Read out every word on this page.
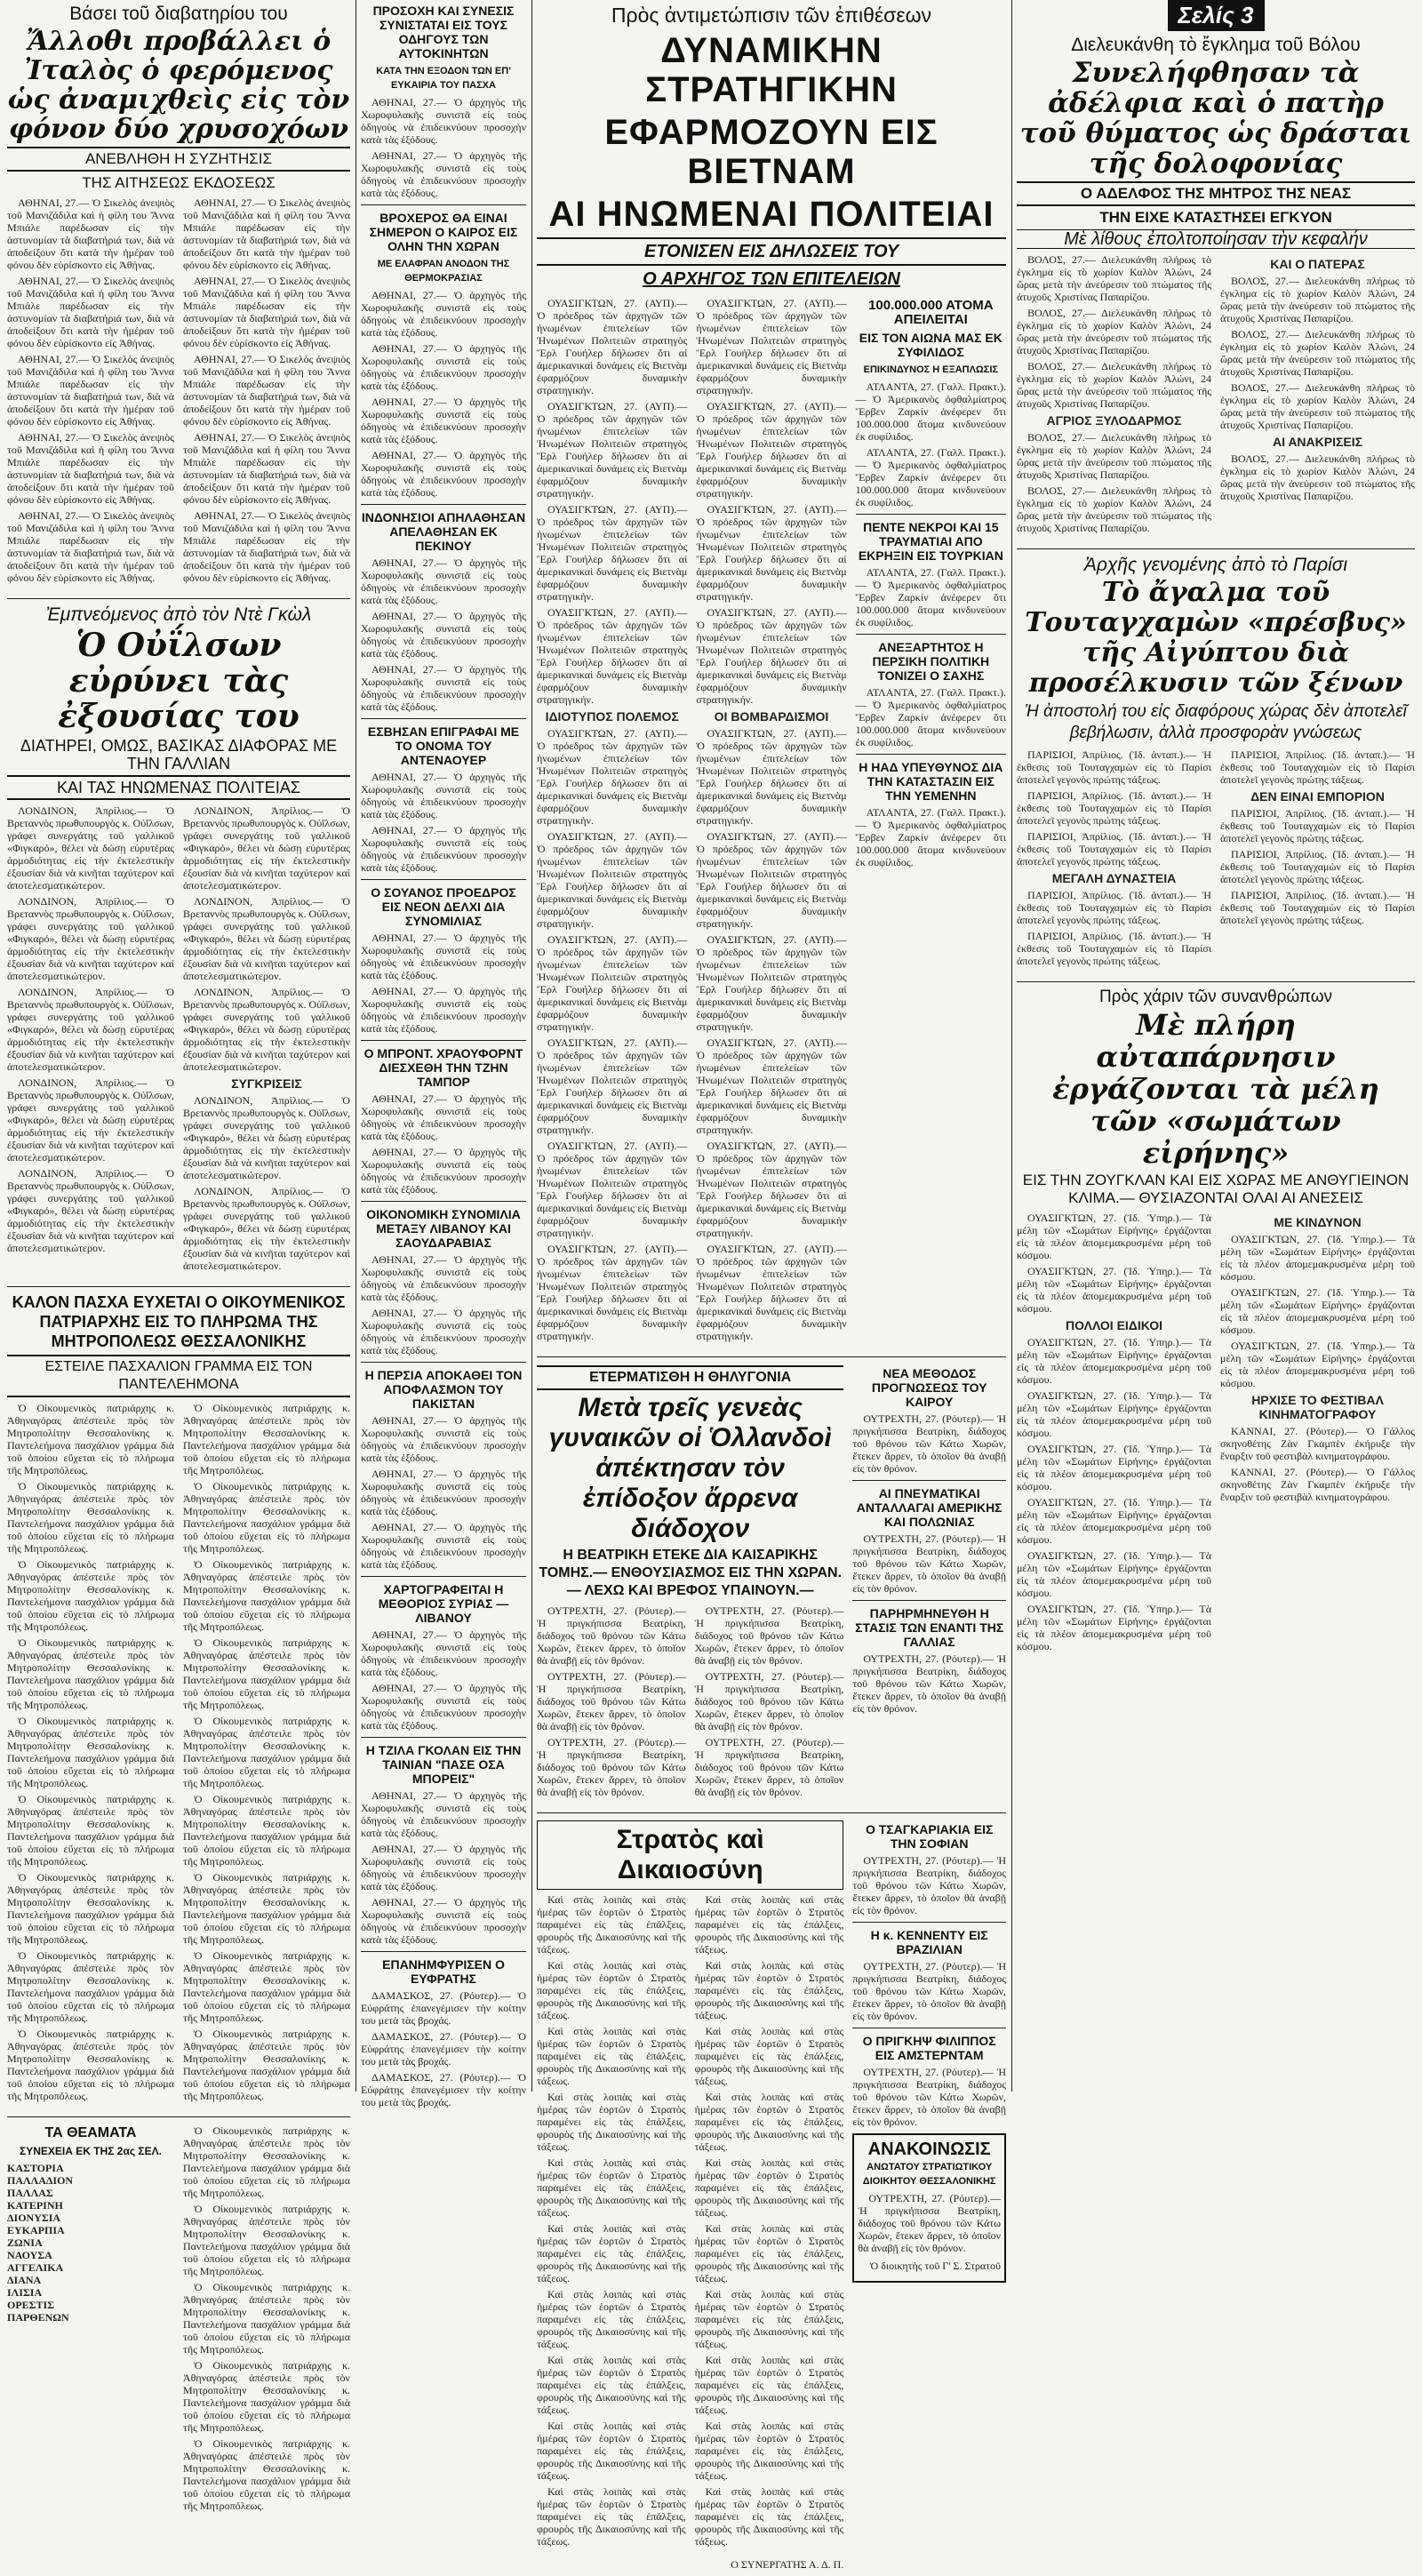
Βάσει τοῦ διαβατηρίου του
Ἄλλοθι προβάλλει ὁ Ἰταλὸς ὁ φερόμενος ὡς ἀναμιχθεὶς εἰς τὸν φόνον δύο χρυσοχόων
ΑΝΕΒΛΗΘΗ Η ΣΥΖΗΤΗΣΙΣ
ΤΗΣ ΑΙΤΗΣΕΩΣ ΕΚΔΟΣΕΩΣ

ΑΘΗΝΑΙ, 27.— Ὁ Σικελὸς ἀνεψιὸς τοῦ Μανιζάδιλα καὶ ἡ φίλη του Ἄννα Μπιάλε παρέδωσαν εἰς τὴν ἀστυνομίαν τὰ διαβατήριά των, διὰ νὰ ἀποδείξουν ὅτι κατὰ τὴν ἡμέραν τοῦ φόνου δὲν εὑρίσκοντο εἰς Ἀθήνας.

ΑΘΗΝΑΙ, 27.— Ὁ Σικελὸς ἀνεψιὸς τοῦ Μανιζάδιλα καὶ ἡ φίλη του Ἄννα Μπιάλε παρέδωσαν εἰς τὴν ἀστυνομίαν τὰ διαβατήριά των, διὰ νὰ ἀποδείξουν ὅτι κατὰ τὴν ἡμέραν τοῦ φόνου δὲν εὑρίσκοντο εἰς Ἀθήνας.

ΑΘΗΝΑΙ, 27.— Ὁ Σικελὸς ἀνεψιὸς τοῦ Μανιζάδιλα καὶ ἡ φίλη του Ἄννα Μπιάλε παρέδωσαν εἰς τὴν ἀστυνομίαν τὰ διαβατήριά των, διὰ νὰ ἀποδείξουν ὅτι κατὰ τὴν ἡμέραν τοῦ φόνου δὲν εὑρίσκοντο εἰς Ἀθήνας.

ΑΘΗΝΑΙ, 27.— Ὁ Σικελὸς ἀνεψιὸς τοῦ Μανιζάδιλα καὶ ἡ φίλη του Ἄννα Μπιάλε παρέδωσαν εἰς τὴν ἀστυνομίαν τὰ διαβατήριά των, διὰ νὰ ἀποδείξουν ὅτι κατὰ τὴν ἡμέραν τοῦ φόνου δὲν εὑρίσκοντο εἰς Ἀθήνας.

ΑΘΗΝΑΙ, 27.— Ὁ Σικελὸς ἀνεψιὸς τοῦ Μανιζάδιλα καὶ ἡ φίλη του Ἄννα Μπιάλε παρέδωσαν εἰς τὴν ἀστυνομίαν τὰ διαβατήριά των, διὰ νὰ ἀποδείξουν ὅτι κατὰ τὴν ἡμέραν τοῦ φόνου δὲν εὑρίσκοντο εἰς Ἀθήνας.

ΑΘΗΝΑΙ, 27.— Ὁ Σικελὸς ἀνεψιὸς τοῦ Μανιζάδιλα καὶ ἡ φίλη του Ἄννα Μπιάλε παρέδωσαν εἰς τὴν ἀστυνομίαν τὰ διαβατήριά των, διὰ νὰ ἀποδείξουν ὅτι κατὰ τὴν ἡμέραν τοῦ φόνου δὲν εὑρίσκοντο εἰς Ἀθήνας.

ΑΘΗΝΑΙ, 27.— Ὁ Σικελὸς ἀνεψιὸς τοῦ Μανιζάδιλα καὶ ἡ φίλη του Ἄννα Μπιάλε παρέδωσαν εἰς τὴν ἀστυνομίαν τὰ διαβατήριά των, διὰ νὰ ἀποδείξουν ὅτι κατὰ τὴν ἡμέραν τοῦ φόνου δὲν εὑρίσκοντο εἰς Ἀθήνας.

ΑΘΗΝΑΙ, 27.— Ὁ Σικελὸς ἀνεψιὸς τοῦ Μανιζάδιλα καὶ ἡ φίλη του Ἄννα Μπιάλε παρέδωσαν εἰς τὴν ἀστυνομίαν τὰ διαβατήριά των, διὰ νὰ ἀποδείξουν ὅτι κατὰ τὴν ἡμέραν τοῦ φόνου δὲν εὑρίσκοντο εἰς Ἀθήνας.

ΑΘΗΝΑΙ, 27.— Ὁ Σικελὸς ἀνεψιὸς τοῦ Μανιζάδιλα καὶ ἡ φίλη του Ἄννα Μπιάλε παρέδωσαν εἰς τὴν ἀστυνομίαν τὰ διαβατήριά των, διὰ νὰ ἀποδείξουν ὅτι κατὰ τὴν ἡμέραν τοῦ φόνου δὲν εὑρίσκοντο εἰς Ἀθήνας.

ΑΘΗΝΑΙ, 27.— Ὁ Σικελὸς ἀνεψιὸς τοῦ Μανιζάδιλα καὶ ἡ φίλη του Ἄννα Μπιάλε παρέδωσαν εἰς τὴν ἀστυνομίαν τὰ διαβατήριά των, διὰ νὰ ἀποδείξουν ὅτι κατὰ τὴν ἡμέραν τοῦ φόνου δὲν εὑρίσκοντο εἰς Ἀθήνας.

Ἐμπνεόμενος ἀπὸ τὸν Ντὲ Γκὼλ
Ὁ Οὐΐλσων εὐρύνει τὰς ἐξουσίας του
ΔΙΑΤΗΡΕΙ, ΟΜΩΣ, ΒΑΣΙΚΑΣ ΔΙΑΦΟΡΑΣ ΜΕ ΤΗΝ ΓΑΛΛΙΑΝ
ΚΑΙ ΤΑΣ ΗΝΩΜΕΝΑΣ ΠΟΛΙΤΕΙΑΣ

ΛΟΝΔΙΝΟΝ, Ἀπρίλιος.— Ὁ Βρεταννὸς πρωθυπουργὸς κ. Οὐΐλσων, γράφει συνεργάτης τοῦ γαλλικοῦ «Φιγκαρό», θέλει νὰ δώσῃ εὐρυτέρας ἁρμοδιότητας εἰς τὴν ἐκτελεστικὴν ἐξουσίαν διὰ νὰ κινῆται ταχύτερον καὶ ἀποτελεσματικώτερον.

ΛΟΝΔΙΝΟΝ, Ἀπρίλιος.— Ὁ Βρεταννὸς πρωθυπουργὸς κ. Οὐΐλσων, γράφει συνεργάτης τοῦ γαλλικοῦ «Φιγκαρό», θέλει νὰ δώσῃ εὐρυτέρας ἁρμοδιότητας εἰς τὴν ἐκτελεστικὴν ἐξουσίαν διὰ νὰ κινῆται ταχύτερον καὶ ἀποτελεσματικώτερον.

ΛΟΝΔΙΝΟΝ, Ἀπρίλιος.— Ὁ Βρεταννὸς πρωθυπουργὸς κ. Οὐΐλσων, γράφει συνεργάτης τοῦ γαλλικοῦ «Φιγκαρό», θέλει νὰ δώσῃ εὐρυτέρας ἁρμοδιότητας εἰς τὴν ἐκτελεστικὴν ἐξουσίαν διὰ νὰ κινῆται ταχύτερον καὶ ἀποτελεσματικώτερον.

ΛΟΝΔΙΝΟΝ, Ἀπρίλιος.— Ὁ Βρεταννὸς πρωθυπουργὸς κ. Οὐΐλσων, γράφει συνεργάτης τοῦ γαλλικοῦ «Φιγκαρό», θέλει νὰ δώσῃ εὐρυτέρας ἁρμοδιότητας εἰς τὴν ἐκτελεστικὴν ἐξουσίαν διὰ νὰ κινῆται ταχύτερον καὶ ἀποτελεσματικώτερον.

ΛΟΝΔΙΝΟΝ, Ἀπρίλιος.— Ὁ Βρεταννὸς πρωθυπουργὸς κ. Οὐΐλσων, γράφει συνεργάτης τοῦ γαλλικοῦ «Φιγκαρό», θέλει νὰ δώσῃ εὐρυτέρας ἁρμοδιότητας εἰς τὴν ἐκτελεστικὴν ἐξουσίαν διὰ νὰ κινῆται ταχύτερον καὶ ἀποτελεσματικώτερον.

ΛΟΝΔΙΝΟΝ, Ἀπρίλιος.— Ὁ Βρεταννὸς πρωθυπουργὸς κ. Οὐΐλσων, γράφει συνεργάτης τοῦ γαλλικοῦ «Φιγκαρό», θέλει νὰ δώσῃ εὐρυτέρας ἁρμοδιότητας εἰς τὴν ἐκτελεστικὴν ἐξουσίαν διὰ νὰ κινῆται ταχύτερον καὶ ἀποτελεσματικώτερον.

ΛΟΝΔΙΝΟΝ, Ἀπρίλιος.— Ὁ Βρεταννὸς πρωθυπουργὸς κ. Οὐΐλσων, γράφει συνεργάτης τοῦ γαλλικοῦ «Φιγκαρό», θέλει νὰ δώσῃ εὐρυτέρας ἁρμοδιότητας εἰς τὴν ἐκτελεστικὴν ἐξουσίαν διὰ νὰ κινῆται ταχύτερον καὶ ἀποτελεσματικώτερον.

ΛΟΝΔΙΝΟΝ, Ἀπρίλιος.— Ὁ Βρεταννὸς πρωθυπουργὸς κ. Οὐΐλσων, γράφει συνεργάτης τοῦ γαλλικοῦ «Φιγκαρό», θέλει νὰ δώσῃ εὐρυτέρας ἁρμοδιότητας εἰς τὴν ἐκτελεστικὴν ἐξουσίαν διὰ νὰ κινῆται ταχύτερον καὶ ἀποτελεσματικώτερον.

ΣΥΓΚΡΙΣΕΙΣ

ΛΟΝΔΙΝΟΝ, Ἀπρίλιος.— Ὁ Βρεταννὸς πρωθυπουργὸς κ. Οὐΐλσων, γράφει συνεργάτης τοῦ γαλλικοῦ «Φιγκαρό», θέλει νὰ δώσῃ εὐρυτέρας ἁρμοδιότητας εἰς τὴν ἐκτελεστικὴν ἐξουσίαν διὰ νὰ κινῆται ταχύτερον καὶ ἀποτελεσματικώτερον.

ΛΟΝΔΙΝΟΝ, Ἀπρίλιος.— Ὁ Βρεταννὸς πρωθυπουργὸς κ. Οὐΐλσων, γράφει συνεργάτης τοῦ γαλλικοῦ «Φιγκαρό», θέλει νὰ δώσῃ εὐρυτέρας ἁρμοδιότητας εἰς τὴν ἐκτελεστικὴν ἐξουσίαν διὰ νὰ κινῆται ταχύτερον καὶ ἀποτελεσματικώτερον.

ΚΑΛΟΝ ΠΑΣΧΑ ΕΥΧΕΤΑΙ Ο ΟΙΚΟΥΜΕΝΙΚΟΣ ΠΑΤΡΙΑΡΧΗΣ ΕΙΣ ΤΟ ΠΛΗΡΩΜΑ ΤΗΣ ΜΗΤΡΟΠΟΛΕΩΣ ΘΕΣΣΑΛΟΝΙΚΗΣ
ΕΣΤΕΙΛΕ ΠΑΣΧΑΛΙΟΝ ΓΡΑΜΜΑ ΕΙΣ ΤΟΝ ΠΑΝΤΕΛΕΗΜΟΝΑ

Ὁ Οἰκουμενικὸς πατριάρχης κ. Ἀθηναγόρας ἀπέστειλε πρὸς τὸν Μητροπολίτην Θεσσαλονίκης κ. Παντελεήμονα πασχάλιον γράμμα διὰ τοῦ ὁποίου εὔχεται εἰς τὸ πλήρωμα τῆς Μητροπόλεως.

Ὁ Οἰκουμενικὸς πατριάρχης κ. Ἀθηναγόρας ἀπέστειλε πρὸς τὸν Μητροπολίτην Θεσσαλονίκης κ. Παντελεήμονα πασχάλιον γράμμα διὰ τοῦ ὁποίου εὔχεται εἰς τὸ πλήρωμα τῆς Μητροπόλεως.

Ὁ Οἰκουμενικὸς πατριάρχης κ. Ἀθηναγόρας ἀπέστειλε πρὸς τὸν Μητροπολίτην Θεσσαλονίκης κ. Παντελεήμονα πασχάλιον γράμμα διὰ τοῦ ὁποίου εὔχεται εἰς τὸ πλήρωμα τῆς Μητροπόλεως.

Ὁ Οἰκουμενικὸς πατριάρχης κ. Ἀθηναγόρας ἀπέστειλε πρὸς τὸν Μητροπολίτην Θεσσαλονίκης κ. Παντελεήμονα πασχάλιον γράμμα διὰ τοῦ ὁποίου εὔχεται εἰς τὸ πλήρωμα τῆς Μητροπόλεως.

Ὁ Οἰκουμενικὸς πατριάρχης κ. Ἀθηναγόρας ἀπέστειλε πρὸς τὸν Μητροπολίτην Θεσσαλονίκης κ. Παντελεήμονα πασχάλιον γράμμα διὰ τοῦ ὁποίου εὔχεται εἰς τὸ πλήρωμα τῆς Μητροπόλεως.

Ὁ Οἰκουμενικὸς πατριάρχης κ. Ἀθηναγόρας ἀπέστειλε πρὸς τὸν Μητροπολίτην Θεσσαλονίκης κ. Παντελεήμονα πασχάλιον γράμμα διὰ τοῦ ὁποίου εὔχεται εἰς τὸ πλήρωμα τῆς Μητροπόλεως.

Ὁ Οἰκουμενικὸς πατριάρχης κ. Ἀθηναγόρας ἀπέστειλε πρὸς τὸν Μητροπολίτην Θεσσαλονίκης κ. Παντελεήμονα πασχάλιον γράμμα διὰ τοῦ ὁποίου εὔχεται εἰς τὸ πλήρωμα τῆς Μητροπόλεως.

Ὁ Οἰκουμενικὸς πατριάρχης κ. Ἀθηναγόρας ἀπέστειλε πρὸς τὸν Μητροπολίτην Θεσσαλονίκης κ. Παντελεήμονα πασχάλιον γράμμα διὰ τοῦ ὁποίου εὔχεται εἰς τὸ πλήρωμα τῆς Μητροπόλεως.

Ὁ Οἰκουμενικὸς πατριάρχης κ. Ἀθηναγόρας ἀπέστειλε πρὸς τὸν Μητροπολίτην Θεσσαλονίκης κ. Παντελεήμονα πασχάλιον γράμμα διὰ τοῦ ὁποίου εὔχεται εἰς τὸ πλήρωμα τῆς Μητροπόλεως.

Ὁ Οἰκουμενικὸς πατριάρχης κ. Ἀθηναγόρας ἀπέστειλε πρὸς τὸν Μητροπολίτην Θεσσαλονίκης κ. Παντελεήμονα πασχάλιον γράμμα διὰ τοῦ ὁποίου εὔχεται εἰς τὸ πλήρωμα τῆς Μητροπόλεως.

Ὁ Οἰκουμενικὸς πατριάρχης κ. Ἀθηναγόρας ἀπέστειλε πρὸς τὸν Μητροπολίτην Θεσσαλονίκης κ. Παντελεήμονα πασχάλιον γράμμα διὰ τοῦ ὁποίου εὔχεται εἰς τὸ πλήρωμα τῆς Μητροπόλεως.

Ὁ Οἰκουμενικὸς πατριάρχης κ. Ἀθηναγόρας ἀπέστειλε πρὸς τὸν Μητροπολίτην Θεσσαλονίκης κ. Παντελεήμονα πασχάλιον γράμμα διὰ τοῦ ὁποίου εὔχεται εἰς τὸ πλήρωμα τῆς Μητροπόλεως.

Ὁ Οἰκουμενικὸς πατριάρχης κ. Ἀθηναγόρας ἀπέστειλε πρὸς τὸν Μητροπολίτην Θεσσαλονίκης κ. Παντελεήμονα πασχάλιον γράμμα διὰ τοῦ ὁποίου εὔχεται εἰς τὸ πλήρωμα τῆς Μητροπόλεως.

Ὁ Οἰκουμενικὸς πατριάρχης κ. Ἀθηναγόρας ἀπέστειλε πρὸς τὸν Μητροπολίτην Θεσσαλονίκης κ. Παντελεήμονα πασχάλιον γράμμα διὰ τοῦ ὁποίου εὔχεται εἰς τὸ πλήρωμα τῆς Μητροπόλεως.

Ὁ Οἰκουμενικὸς πατριάρχης κ. Ἀθηναγόρας ἀπέστειλε πρὸς τὸν Μητροπολίτην Θεσσαλονίκης κ. Παντελεήμονα πασχάλιον γράμμα διὰ τοῦ ὁποίου εὔχεται εἰς τὸ πλήρωμα τῆς Μητροπόλεως.

Ὁ Οἰκουμενικὸς πατριάρχης κ. Ἀθηναγόρας ἀπέστειλε πρὸς τὸν Μητροπολίτην Θεσσαλονίκης κ. Παντελεήμονα πασχάλιον γράμμα διὰ τοῦ ὁποίου εὔχεται εἰς τὸ πλήρωμα τῆς Μητροπόλεως.

Ὁ Οἰκουμενικὸς πατριάρχης κ. Ἀθηναγόρας ἀπέστειλε πρὸς τὸν Μητροπολίτην Θεσσαλονίκης κ. Παντελεήμονα πασχάλιον γράμμα διὰ τοῦ ὁποίου εὔχεται εἰς τὸ πλήρωμα τῆς Μητροπόλεως.

Ὁ Οἰκουμενικὸς πατριάρχης κ. Ἀθηναγόρας ἀπέστειλε πρὸς τὸν Μητροπολίτην Θεσσαλονίκης κ. Παντελεήμονα πασχάλιον γράμμα διὰ τοῦ ὁποίου εὔχεται εἰς τὸ πλήρωμα τῆς Μητροπόλεως.

ΤΑ ΘΕΑΜΑΤΑ
ΣΥΝΕΧΕΙΑ ΕΚ ΤΗΣ 2ας ΣΕΛ.
ΚΑΣΤΟΡΙΑ
ΠΑΛΛΑΔΙΟΝ
ΠΑΛΛΑΣ
ΚΑΤΕΡΙΝΗ
ΔΙΟΝΥΣΙΑ
ΕΥΚΑΡΠΙΑ
ΖΩΝΙΑ
ΝΑΟΥΣΑ
ΑΓΓΕΛΙΚΑ
ΔΙΑΝΑ
ΙΛΙΣΙΑ
ΟΡΕΣΤΙΣ
ΠΑΡΘΕΝΩΝ

Ὁ Οἰκουμενικὸς πατριάρχης κ. Ἀθηναγόρας ἀπέστειλε πρὸς τὸν Μητροπολίτην Θεσσαλονίκης κ. Παντελεήμονα πασχάλιον γράμμα διὰ τοῦ ὁποίου εὔχεται εἰς τὸ πλήρωμα τῆς Μητροπόλεως.

Ὁ Οἰκουμενικὸς πατριάρχης κ. Ἀθηναγόρας ἀπέστειλε πρὸς τὸν Μητροπολίτην Θεσσαλονίκης κ. Παντελεήμονα πασχάλιον γράμμα διὰ τοῦ ὁποίου εὔχεται εἰς τὸ πλήρωμα τῆς Μητροπόλεως.

Ὁ Οἰκουμενικὸς πατριάρχης κ. Ἀθηναγόρας ἀπέστειλε πρὸς τὸν Μητροπολίτην Θεσσαλονίκης κ. Παντελεήμονα πασχάλιον γράμμα διὰ τοῦ ὁποίου εὔχεται εἰς τὸ πλήρωμα τῆς Μητροπόλεως.

Ὁ Οἰκουμενικὸς πατριάρχης κ. Ἀθηναγόρας ἀπέστειλε πρὸς τὸν Μητροπολίτην Θεσσαλονίκης κ. Παντελεήμονα πασχάλιον γράμμα διὰ τοῦ ὁποίου εὔχεται εἰς τὸ πλήρωμα τῆς Μητροπόλεως.

Ὁ Οἰκουμενικὸς πατριάρχης κ. Ἀθηναγόρας ἀπέστειλε πρὸς τὸν Μητροπολίτην Θεσσαλονίκης κ. Παντελεήμονα πασχάλιον γράμμα διὰ τοῦ ὁποίου εὔχεται εἰς τὸ πλήρωμα τῆς Μητροπόλεως.

ΠΡΟΣΟΧΗ ΚΑΙ ΣΥΝΕΣΙΣ ΣΥΝΙΣΤΑΤΑΙ ΕΙΣ ΤΟΥΣ ΟΔΗΓΟΥΣ ΤΩΝ ΑΥΤΟΚΙΝΗΤΩΝ
ΚΑΤΑ ΤΗΝ ΕΞΟΔΟΝ ΤΩΝ ΕΠ' ΕΥΚΑΙΡΙΑ ΤΟΥ ΠΑΣΧΑ

ΑΘΗΝΑΙ, 27.— Ὁ ἀρχηγὸς τῆς Χωροφυλακῆς συνιστᾶ εἰς τοὺς ὁδηγοὺς νὰ ἐπιδεικνύουν προσοχὴν κατὰ τὰς ἐξόδους.

ΑΘΗΝΑΙ, 27.— Ὁ ἀρχηγὸς τῆς Χωροφυλακῆς συνιστᾶ εἰς τοὺς ὁδηγοὺς νὰ ἐπιδεικνύουν προσοχὴν κατὰ τὰς ἐξόδους.

ΒΡΟΧΕΡΟΣ ΘΑ ΕΙΝΑΙ ΣΗΜΕΡΟΝ Ο ΚΑΙΡΟΣ ΕΙΣ ΟΛΗΝ ΤΗΝ ΧΩΡΑΝ
ΜΕ ΕΛΑΦΡΑΝ ΑΝΟΔΟΝ ΤΗΣ ΘΕΡΜΟΚΡΑΣΙΑΣ

ΑΘΗΝΑΙ, 27.— Ὁ ἀρχηγὸς τῆς Χωροφυλακῆς συνιστᾶ εἰς τοὺς ὁδηγοὺς νὰ ἐπιδεικνύουν προσοχὴν κατὰ τὰς ἐξόδους.

ΑΘΗΝΑΙ, 27.— Ὁ ἀρχηγὸς τῆς Χωροφυλακῆς συνιστᾶ εἰς τοὺς ὁδηγοὺς νὰ ἐπιδεικνύουν προσοχὴν κατὰ τὰς ἐξόδους.

ΑΘΗΝΑΙ, 27.— Ὁ ἀρχηγὸς τῆς Χωροφυλακῆς συνιστᾶ εἰς τοὺς ὁδηγοὺς νὰ ἐπιδεικνύουν προσοχὴν κατὰ τὰς ἐξόδους.

ΑΘΗΝΑΙ, 27.— Ὁ ἀρχηγὸς τῆς Χωροφυλακῆς συνιστᾶ εἰς τοὺς ὁδηγοὺς νὰ ἐπιδεικνύουν προσοχὴν κατὰ τὰς ἐξόδους.

ΙΝΔΟΝΗΣΙΟΙ ΑΠΗΛΑΘΗΣΑΝ ΑΠΕΛΑΘΗΣΑΝ ΕΚ ΠΕΚΙΝΟΥ

ΑΘΗΝΑΙ, 27.— Ὁ ἀρχηγὸς τῆς Χωροφυλακῆς συνιστᾶ εἰς τοὺς ὁδηγοὺς νὰ ἐπιδεικνύουν προσοχὴν κατὰ τὰς ἐξόδους.

ΑΘΗΝΑΙ, 27.— Ὁ ἀρχηγὸς τῆς Χωροφυλακῆς συνιστᾶ εἰς τοὺς ὁδηγοὺς νὰ ἐπιδεικνύουν προσοχὴν κατὰ τὰς ἐξόδους.

ΑΘΗΝΑΙ, 27.— Ὁ ἀρχηγὸς τῆς Χωροφυλακῆς συνιστᾶ εἰς τοὺς ὁδηγοὺς νὰ ἐπιδεικνύουν προσοχὴν κατὰ τὰς ἐξόδους.

ΕΣΒΗΣΑΝ ΕΠΙΓΡΑΦΑΙ ΜΕ ΤΟ ΟΝΟΜΑ ΤΟΥ ΑΝΤΕΝΑΟΥΕΡ

ΑΘΗΝΑΙ, 27.— Ὁ ἀρχηγὸς τῆς Χωροφυλακῆς συνιστᾶ εἰς τοὺς ὁδηγοὺς νὰ ἐπιδεικνύουν προσοχὴν κατὰ τὰς ἐξόδους.

ΑΘΗΝΑΙ, 27.— Ὁ ἀρχηγὸς τῆς Χωροφυλακῆς συνιστᾶ εἰς τοὺς ὁδηγοὺς νὰ ἐπιδεικνύουν προσοχὴν κατὰ τὰς ἐξόδους.

Ο ΣΟΥΑΝΟΣ ΠΡΟΕΔΡΟΣ ΕΙΣ ΝΕΟΝ ΔΕΛΧΙ ΔΙΑ ΣΥΝΟΜΙΛΙΑΣ

ΑΘΗΝΑΙ, 27.— Ὁ ἀρχηγὸς τῆς Χωροφυλακῆς συνιστᾶ εἰς τοὺς ὁδηγοὺς νὰ ἐπιδεικνύουν προσοχὴν κατὰ τὰς ἐξόδους.

ΑΘΗΝΑΙ, 27.— Ὁ ἀρχηγὸς τῆς Χωροφυλακῆς συνιστᾶ εἰς τοὺς ὁδηγοὺς νὰ ἐπιδεικνύουν προσοχὴν κατὰ τὰς ἐξόδους.

Ο ΜΠΡΟΝΤ. ΧΡΑΟΥΦΟΡΝΤ ΔΙΕΣΧΕΘΗ ΤΗΝ ΤΖΗΝ ΤΑΜΠΟΡ

ΑΘΗΝΑΙ, 27.— Ὁ ἀρχηγὸς τῆς Χωροφυλακῆς συνιστᾶ εἰς τοὺς ὁδηγοὺς νὰ ἐπιδεικνύουν προσοχὴν κατὰ τὰς ἐξόδους.

ΑΘΗΝΑΙ, 27.— Ὁ ἀρχηγὸς τῆς Χωροφυλακῆς συνιστᾶ εἰς τοὺς ὁδηγοὺς νὰ ἐπιδεικνύουν προσοχὴν κατὰ τὰς ἐξόδους.

ΟΙΚΟΝΟΜΙΚΗ ΣΥΝΟΜΙΛΙΑ ΜΕΤΑΞΥ ΛΙΒΑΝΟΥ ΚΑΙ ΣΑΟΥΔΑΡΑΒΙΑΣ

ΑΘΗΝΑΙ, 27.— Ὁ ἀρχηγὸς τῆς Χωροφυλακῆς συνιστᾶ εἰς τοὺς ὁδηγοὺς νὰ ἐπιδεικνύουν προσοχὴν κατὰ τὰς ἐξόδους.

ΑΘΗΝΑΙ, 27.— Ὁ ἀρχηγὸς τῆς Χωροφυλακῆς συνιστᾶ εἰς τοὺς ὁδηγοὺς νὰ ἐπιδεικνύουν προσοχὴν κατὰ τὰς ἐξόδους.

Η ΠΕΡΣΙΑ ΑΠΟΚΑΘΕΙ ΤΟΝ ΑΠΟΦΛΑΣΜΟΝ ΤΟΥ ΠΑΚΙΣΤΑΝ

ΑΘΗΝΑΙ, 27.— Ὁ ἀρχηγὸς τῆς Χωροφυλακῆς συνιστᾶ εἰς τοὺς ὁδηγοὺς νὰ ἐπιδεικνύουν προσοχὴν κατὰ τὰς ἐξόδους.

ΑΘΗΝΑΙ, 27.— Ὁ ἀρχηγὸς τῆς Χωροφυλακῆς συνιστᾶ εἰς τοὺς ὁδηγοὺς νὰ ἐπιδεικνύουν προσοχὴν κατὰ τὰς ἐξόδους.

ΑΘΗΝΑΙ, 27.— Ὁ ἀρχηγὸς τῆς Χωροφυλακῆς συνιστᾶ εἰς τοὺς ὁδηγοὺς νὰ ἐπιδεικνύουν προσοχὴν κατὰ τὰς ἐξόδους.

ΧΑΡΤΟΓΡΑΦΕΙΤΑΙ Η ΜΕΘΟΡΙΟΣ ΣΥΡΙΑΣ — ΛΙΒΑΝΟΥ

ΑΘΗΝΑΙ, 27.— Ὁ ἀρχηγὸς τῆς Χωροφυλακῆς συνιστᾶ εἰς τοὺς ὁδηγοὺς νὰ ἐπιδεικνύουν προσοχὴν κατὰ τὰς ἐξόδους.

ΑΘΗΝΑΙ, 27.— Ὁ ἀρχηγὸς τῆς Χωροφυλακῆς συνιστᾶ εἰς τοὺς ὁδηγοὺς νὰ ἐπιδεικνύουν προσοχὴν κατὰ τὰς ἐξόδους.

Η ΤΖΙΛΑ ΓΚΟΛΑΝ ΕΙΣ ΤΗΝ ΤΑΙΝΙΑΝ "ΠΑΣΕ ΟΣΑ ΜΠΟΡΕΙΣ"

ΑΘΗΝΑΙ, 27.— Ὁ ἀρχηγὸς τῆς Χωροφυλακῆς συνιστᾶ εἰς τοὺς ὁδηγοὺς νὰ ἐπιδεικνύουν προσοχὴν κατὰ τὰς ἐξόδους.

ΑΘΗΝΑΙ, 27.— Ὁ ἀρχηγὸς τῆς Χωροφυλακῆς συνιστᾶ εἰς τοὺς ὁδηγοὺς νὰ ἐπιδεικνύουν προσοχὴν κατὰ τὰς ἐξόδους.

ΑΘΗΝΑΙ, 27.— Ὁ ἀρχηγὸς τῆς Χωροφυλακῆς συνιστᾶ εἰς τοὺς ὁδηγοὺς νὰ ἐπιδεικνύουν προσοχὴν κατὰ τὰς ἐξόδους.

ΕΠΑΝΗΜΦΥΡΙΣΕΝ Ο ΕΥΦΡΑΤΗΣ

ΔΑΜΑΣΚΟΣ, 27. (Ρόυτερ).— Ὁ Εὐφράτης ἐπανεγέμισεν τὴν κοίτην του μετὰ τὰς βροχάς.

ΔΑΜΑΣΚΟΣ, 27. (Ρόυτερ).— Ὁ Εὐφράτης ἐπανεγέμισεν τὴν κοίτην του μετὰ τὰς βροχάς.

ΔΑΜΑΣΚΟΣ, 27. (Ρόυτερ).— Ὁ Εὐφράτης ἐπανεγέμισεν τὴν κοίτην του μετὰ τὰς βροχάς.

Πρὸς ἀντιμετώπισιν τῶν ἐπιθέσεων
ΔΥΝΑΜΙΚΗΝ ΣΤΡΑΤΗΓΙΚΗΝ
ΕΦΑΡΜΟΖΟΥΝ ΕΙΣ ΒΙΕΤΝΑΜ
ΑΙ ΗΝΩΜΕΝΑΙ ΠΟΛΙΤΕΙΑΙ
ΕΤΟΝΙΣΕΝ ΕΙΣ ΔΗΛΩΣΕΙΣ ΤΟΥ
Ο ΑΡΧΗΓΟΣ ΤΩΝ ΕΠΙΤΕΛΕΙΩΝ

ΟΥΑΣΙΓΚΤΩΝ, 27. (ΑΥΠ).— Ὁ πρόεδρος τῶν ἀρχηγῶν τῶν ἡνωμένων ἐπιτελείων τῶν Ἡνωμένων Πολιτειῶν στρατηγὸς Ἕρλ Γουήλερ δήλωσεν ὅτι αἱ ἀμερικανικαὶ δυνάμεις εἰς Βιετνὰμ ἐφαρμόζουν δυναμικὴν στρατηγικήν.

ΟΥΑΣΙΓΚΤΩΝ, 27. (ΑΥΠ).— Ὁ πρόεδρος τῶν ἀρχηγῶν τῶν ἡνωμένων ἐπιτελείων τῶν Ἡνωμένων Πολιτειῶν στρατηγὸς Ἕρλ Γουήλερ δήλωσεν ὅτι αἱ ἀμερικανικαὶ δυνάμεις εἰς Βιετνὰμ ἐφαρμόζουν δυναμικὴν στρατηγικήν.

ΟΥΑΣΙΓΚΤΩΝ, 27. (ΑΥΠ).— Ὁ πρόεδρος τῶν ἀρχηγῶν τῶν ἡνωμένων ἐπιτελείων τῶν Ἡνωμένων Πολιτειῶν στρατηγὸς Ἕρλ Γουήλερ δήλωσεν ὅτι αἱ ἀμερικανικαὶ δυνάμεις εἰς Βιετνὰμ ἐφαρμόζουν δυναμικὴν στρατηγικήν.

ΟΥΑΣΙΓΚΤΩΝ, 27. (ΑΥΠ).— Ὁ πρόεδρος τῶν ἀρχηγῶν τῶν ἡνωμένων ἐπιτελείων τῶν Ἡνωμένων Πολιτειῶν στρατηγὸς Ἕρλ Γουήλερ δήλωσεν ὅτι αἱ ἀμερικανικαὶ δυνάμεις εἰς Βιετνὰμ ἐφαρμόζουν δυναμικὴν στρατηγικήν.

ΙΔΙΟΤΥΠΟΣ ΠΟΛΕΜΟΣ

ΟΥΑΣΙΓΚΤΩΝ, 27. (ΑΥΠ).— Ὁ πρόεδρος τῶν ἀρχηγῶν τῶν ἡνωμένων ἐπιτελείων τῶν Ἡνωμένων Πολιτειῶν στρατηγὸς Ἕρλ Γουήλερ δήλωσεν ὅτι αἱ ἀμερικανικαὶ δυνάμεις εἰς Βιετνὰμ ἐφαρμόζουν δυναμικὴν στρατηγικήν.

ΟΥΑΣΙΓΚΤΩΝ, 27. (ΑΥΠ).— Ὁ πρόεδρος τῶν ἀρχηγῶν τῶν ἡνωμένων ἐπιτελείων τῶν Ἡνωμένων Πολιτειῶν στρατηγὸς Ἕρλ Γουήλερ δήλωσεν ὅτι αἱ ἀμερικανικαὶ δυνάμεις εἰς Βιετνὰμ ἐφαρμόζουν δυναμικὴν στρατηγικήν.

ΟΥΑΣΙΓΚΤΩΝ, 27. (ΑΥΠ).— Ὁ πρόεδρος τῶν ἀρχηγῶν τῶν ἡνωμένων ἐπιτελείων τῶν Ἡνωμένων Πολιτειῶν στρατηγὸς Ἕρλ Γουήλερ δήλωσεν ὅτι αἱ ἀμερικανικαὶ δυνάμεις εἰς Βιετνὰμ ἐφαρμόζουν δυναμικὴν στρατηγικήν.

ΟΥΑΣΙΓΚΤΩΝ, 27. (ΑΥΠ).— Ὁ πρόεδρος τῶν ἀρχηγῶν τῶν ἡνωμένων ἐπιτελείων τῶν Ἡνωμένων Πολιτειῶν στρατηγὸς Ἕρλ Γουήλερ δήλωσεν ὅτι αἱ ἀμερικανικαὶ δυνάμεις εἰς Βιετνὰμ ἐφαρμόζουν δυναμικὴν στρατηγικήν.

ΟΥΑΣΙΓΚΤΩΝ, 27. (ΑΥΠ).— Ὁ πρόεδρος τῶν ἀρχηγῶν τῶν ἡνωμένων ἐπιτελείων τῶν Ἡνωμένων Πολιτειῶν στρατηγὸς Ἕρλ Γουήλερ δήλωσεν ὅτι αἱ ἀμερικανικαὶ δυνάμεις εἰς Βιετνὰμ ἐφαρμόζουν δυναμικὴν στρατηγικήν.

ΟΥΑΣΙΓΚΤΩΝ, 27. (ΑΥΠ).— Ὁ πρόεδρος τῶν ἀρχηγῶν τῶν ἡνωμένων ἐπιτελείων τῶν Ἡνωμένων Πολιτειῶν στρατηγὸς Ἕρλ Γουήλερ δήλωσεν ὅτι αἱ ἀμερικανικαὶ δυνάμεις εἰς Βιετνὰμ ἐφαρμόζουν δυναμικὴν στρατηγικήν.

ΟΥΑΣΙΓΚΤΩΝ, 27. (ΑΥΠ).— Ὁ πρόεδρος τῶν ἀρχηγῶν τῶν ἡνωμένων ἐπιτελείων τῶν Ἡνωμένων Πολιτειῶν στρατηγὸς Ἕρλ Γουήλερ δήλωσεν ὅτι αἱ ἀμερικανικαὶ δυνάμεις εἰς Βιετνὰμ ἐφαρμόζουν δυναμικὴν στρατηγικήν.

ΟΥΑΣΙΓΚΤΩΝ, 27. (ΑΥΠ).— Ὁ πρόεδρος τῶν ἀρχηγῶν τῶν ἡνωμένων ἐπιτελείων τῶν Ἡνωμένων Πολιτειῶν στρατηγὸς Ἕρλ Γουήλερ δήλωσεν ὅτι αἱ ἀμερικανικαὶ δυνάμεις εἰς Βιετνὰμ ἐφαρμόζουν δυναμικὴν στρατηγικήν.

ΟΥΑΣΙΓΚΤΩΝ, 27. (ΑΥΠ).— Ὁ πρόεδρος τῶν ἀρχηγῶν τῶν ἡνωμένων ἐπιτελείων τῶν Ἡνωμένων Πολιτειῶν στρατηγὸς Ἕρλ Γουήλερ δήλωσεν ὅτι αἱ ἀμερικανικαὶ δυνάμεις εἰς Βιετνὰμ ἐφαρμόζουν δυναμικὴν στρατηγικήν.

ΟΥΑΣΙΓΚΤΩΝ, 27. (ΑΥΠ).— Ὁ πρόεδρος τῶν ἀρχηγῶν τῶν ἡνωμένων ἐπιτελείων τῶν Ἡνωμένων Πολιτειῶν στρατηγὸς Ἕρλ Γουήλερ δήλωσεν ὅτι αἱ ἀμερικανικαὶ δυνάμεις εἰς Βιετνὰμ ἐφαρμόζουν δυναμικὴν στρατηγικήν.

ΟΙ ΒΟΜΒΑΡΔΙΣΜΟΙ

ΟΥΑΣΙΓΚΤΩΝ, 27. (ΑΥΠ).— Ὁ πρόεδρος τῶν ἀρχηγῶν τῶν ἡνωμένων ἐπιτελείων τῶν Ἡνωμένων Πολιτειῶν στρατηγὸς Ἕρλ Γουήλερ δήλωσεν ὅτι αἱ ἀμερικανικαὶ δυνάμεις εἰς Βιετνὰμ ἐφαρμόζουν δυναμικὴν στρατηγικήν.

ΟΥΑΣΙΓΚΤΩΝ, 27. (ΑΥΠ).— Ὁ πρόεδρος τῶν ἀρχηγῶν τῶν ἡνωμένων ἐπιτελείων τῶν Ἡνωμένων Πολιτειῶν στρατηγὸς Ἕρλ Γουήλερ δήλωσεν ὅτι αἱ ἀμερικανικαὶ δυνάμεις εἰς Βιετνὰμ ἐφαρμόζουν δυναμικὴν στρατηγικήν.

ΟΥΑΣΙΓΚΤΩΝ, 27. (ΑΥΠ).— Ὁ πρόεδρος τῶν ἀρχηγῶν τῶν ἡνωμένων ἐπιτελείων τῶν Ἡνωμένων Πολιτειῶν στρατηγὸς Ἕρλ Γουήλερ δήλωσεν ὅτι αἱ ἀμερικανικαὶ δυνάμεις εἰς Βιετνὰμ ἐφαρμόζουν δυναμικὴν στρατηγικήν.

ΟΥΑΣΙΓΚΤΩΝ, 27. (ΑΥΠ).— Ὁ πρόεδρος τῶν ἀρχηγῶν τῶν ἡνωμένων ἐπιτελείων τῶν Ἡνωμένων Πολιτειῶν στρατηγὸς Ἕρλ Γουήλερ δήλωσεν ὅτι αἱ ἀμερικανικαὶ δυνάμεις εἰς Βιετνὰμ ἐφαρμόζουν δυναμικὴν στρατηγικήν.

ΟΥΑΣΙΓΚΤΩΝ, 27. (ΑΥΠ).— Ὁ πρόεδρος τῶν ἀρχηγῶν τῶν ἡνωμένων ἐπιτελείων τῶν Ἡνωμένων Πολιτειῶν στρατηγὸς Ἕρλ Γουήλερ δήλωσεν ὅτι αἱ ἀμερικανικαὶ δυνάμεις εἰς Βιετνὰμ ἐφαρμόζουν δυναμικὴν στρατηγικήν.

ΟΥΑΣΙΓΚΤΩΝ, 27. (ΑΥΠ).— Ὁ πρόεδρος τῶν ἀρχηγῶν τῶν ἡνωμένων ἐπιτελείων τῶν Ἡνωμένων Πολιτειῶν στρατηγὸς Ἕρλ Γουήλερ δήλωσεν ὅτι αἱ ἀμερικανικαὶ δυνάμεις εἰς Βιετνὰμ ἐφαρμόζουν δυναμικὴν στρατηγικήν.

100.000.000 ΑΤΟΜΑ ΑΠΕΙΛΕΙΤΑΙ
ΕΙΣ ΤΟΝ ΑΙΩΝΑ ΜΑΣ ΕΚ ΣΥΦΙΛΙΔΟΣ
ΕΠΙΚΙΝΔΥΝΟΣ Η ΕΞΑΠΛΩΣΙΣ

ΑΤΛΑΝΤΑ, 27. (Γαλλ. Πρακτ.).— Ὁ Ἀμερικανὸς ὀφθαλμίατρος Ἔρβεν Ζαρκίν ἀνέφερεν ὅτι 100.000.000 ἄτομα κινδυνεύουν ἐκ συφίλιδος.

ΑΤΛΑΝΤΑ, 27. (Γαλλ. Πρακτ.).— Ὁ Ἀμερικανὸς ὀφθαλμίατρος Ἔρβεν Ζαρκίν ἀνέφερεν ὅτι 100.000.000 ἄτομα κινδυνεύουν ἐκ συφίλιδος.

ΠΕΝΤΕ ΝΕΚΡΟΙ ΚΑΙ 15 ΤΡΑΥΜΑΤΙΑΙ ΑΠΟ ΕΚΡΗΞΙΝ ΕΙΣ ΤΟΥΡΚΙΑΝ

ΑΤΛΑΝΤΑ, 27. (Γαλλ. Πρακτ.).— Ὁ Ἀμερικανὸς ὀφθαλμίατρος Ἔρβεν Ζαρκίν ἀνέφερεν ὅτι 100.000.000 ἄτομα κινδυνεύουν ἐκ συφίλιδος.

ΑΝΕΞΑΡΤΗΤΟΣ Η ΠΕΡΣΙΚΗ ΠΟΛΙΤΙΚΗ ΤΟΝΙΖΕΙ Ο ΣΑΧΗΣ

ΑΤΛΑΝΤΑ, 27. (Γαλλ. Πρακτ.).— Ὁ Ἀμερικανὸς ὀφθαλμίατρος Ἔρβεν Ζαρκίν ἀνέφερεν ὅτι 100.000.000 ἄτομα κινδυνεύουν ἐκ συφίλιδος.

Η ΗΑΔ ΥΠΕΥΘΥΝΟΣ ΔΙΑ ΤΗΝ ΚΑΤΑΣΤΑΣΙΝ ΕΙΣ ΤΗΝ ΥΕΜΕΝΗΝ

ΑΤΛΑΝΤΑ, 27. (Γαλλ. Πρακτ.).— Ὁ Ἀμερικανὸς ὀφθαλμίατρος Ἔρβεν Ζαρκίν ἀνέφερεν ὅτι 100.000.000 ἄτομα κινδυνεύουν ἐκ συφίλιδος.

ΕΤΕΡΜΑΤΙΣΘΗ Η ΘΗΛΥΓΟΝΙΑ
Μετὰ τρεῖς γενεὰς γυναικῶν οἱ Ὁλλανδοὶ ἀπέκτησαν τὸν ἐπίδοξον ἄρρενα διάδοχον
Η ΒΕΑΤΡΙΚΗ ΕΤΕΚΕ ΔΙΑ ΚΑΙΣΑΡΙΚΗΣ ΤΟΜΗΣ.— ΕΝΘΟΥΣΙΑΣΜΟΣ ΕΙΣ ΤΗΝ ΧΩΡΑΝ.— ΛΕΧΩ ΚΑΙ ΒΡΕΦΟΣ ΥΠΑΙΝΟΥΝ.—

ΟΥΤΡΕΧΤΗ, 27. (Ρόυτερ).— Ἡ πριγκήπισσα Βεατρίκη, διάδοχος τοῦ θρόνου τῶν Κάτω Χωρῶν, ἔτεκεν ἄρρεν, τὸ ὁποῖον θὰ ἀναβῇ εἰς τὸν θρόνον.

ΟΥΤΡΕΧΤΗ, 27. (Ρόυτερ).— Ἡ πριγκήπισσα Βεατρίκη, διάδοχος τοῦ θρόνου τῶν Κάτω Χωρῶν, ἔτεκεν ἄρρεν, τὸ ὁποῖον θὰ ἀναβῇ εἰς τὸν θρόνον.

ΟΥΤΡΕΧΤΗ, 27. (Ρόυτερ).— Ἡ πριγκήπισσα Βεατρίκη, διάδοχος τοῦ θρόνου τῶν Κάτω Χωρῶν, ἔτεκεν ἄρρεν, τὸ ὁποῖον θὰ ἀναβῇ εἰς τὸν θρόνον.

ΟΥΤΡΕΧΤΗ, 27. (Ρόυτερ).— Ἡ πριγκήπισσα Βεατρίκη, διάδοχος τοῦ θρόνου τῶν Κάτω Χωρῶν, ἔτεκεν ἄρρεν, τὸ ὁποῖον θὰ ἀναβῇ εἰς τὸν θρόνον.

ΟΥΤΡΕΧΤΗ, 27. (Ρόυτερ).— Ἡ πριγκήπισσα Βεατρίκη, διάδοχος τοῦ θρόνου τῶν Κάτω Χωρῶν, ἔτεκεν ἄρρεν, τὸ ὁποῖον θὰ ἀναβῇ εἰς τὸν θρόνον.

ΟΥΤΡΕΧΤΗ, 27. (Ρόυτερ).— Ἡ πριγκήπισσα Βεατρίκη, διάδοχος τοῦ θρόνου τῶν Κάτω Χωρῶν, ἔτεκεν ἄρρεν, τὸ ὁποῖον θὰ ἀναβῇ εἰς τὸν θρόνον.

ΝΕΑ ΜΕΘΟΔΟΣ ΠΡΟΓΝΩΣΕΩΣ ΤΟΥ ΚΑΙΡΟΥ

ΟΥΤΡΕΧΤΗ, 27. (Ρόυτερ).— Ἡ πριγκήπισσα Βεατρίκη, διάδοχος τοῦ θρόνου τῶν Κάτω Χωρῶν, ἔτεκεν ἄρρεν, τὸ ὁποῖον θὰ ἀναβῇ εἰς τὸν θρόνον.

ΑΙ ΠΝΕΥΜΑΤΙΚΑΙ ΑΝΤΑΛΛΑΓΑΙ ΑΜΕΡΙΚΗΣ ΚΑΙ ΠΟΛΩΝΙΑΣ

ΟΥΤΡΕΧΤΗ, 27. (Ρόυτερ).— Ἡ πριγκήπισσα Βεατρίκη, διάδοχος τοῦ θρόνου τῶν Κάτω Χωρῶν, ἔτεκεν ἄρρεν, τὸ ὁποῖον θὰ ἀναβῇ εἰς τὸν θρόνον.

ΠΑΡΗΡΜΗΝΕΥΘΗ Η ΣΤΑΣΙΣ ΤΩΝ ΕΝΑΝΤΙ ΤΗΣ ΓΑΛΛΙΑΣ

ΟΥΤΡΕΧΤΗ, 27. (Ρόυτερ).— Ἡ πριγκήπισσα Βεατρίκη, διάδοχος τοῦ θρόνου τῶν Κάτω Χωρῶν, ἔτεκεν ἄρρεν, τὸ ὁποῖον θὰ ἀναβῇ εἰς τὸν θρόνον.

Στρατὸς καὶ Δικαιοσύνη

Καὶ στὰς λοιπὰς καὶ στὰς ἡμέρας τῶν ἑορτῶν ὁ Στρατὸς παραμένει εἰς τὰς ἐπάλξεις, φρουρὸς τῆς Δικαιοσύνης καὶ τῆς τάξεως.

Καὶ στὰς λοιπὰς καὶ στὰς ἡμέρας τῶν ἑορτῶν ὁ Στρατὸς παραμένει εἰς τὰς ἐπάλξεις, φρουρὸς τῆς Δικαιοσύνης καὶ τῆς τάξεως.

Καὶ στὰς λοιπὰς καὶ στὰς ἡμέρας τῶν ἑορτῶν ὁ Στρατὸς παραμένει εἰς τὰς ἐπάλξεις, φρουρὸς τῆς Δικαιοσύνης καὶ τῆς τάξεως.

Καὶ στὰς λοιπὰς καὶ στὰς ἡμέρας τῶν ἑορτῶν ὁ Στρατὸς παραμένει εἰς τὰς ἐπάλξεις, φρουρὸς τῆς Δικαιοσύνης καὶ τῆς τάξεως.

Καὶ στὰς λοιπὰς καὶ στὰς ἡμέρας τῶν ἑορτῶν ὁ Στρατὸς παραμένει εἰς τὰς ἐπάλξεις, φρουρὸς τῆς Δικαιοσύνης καὶ τῆς τάξεως.

Καὶ στὰς λοιπὰς καὶ στὰς ἡμέρας τῶν ἑορτῶν ὁ Στρατὸς παραμένει εἰς τὰς ἐπάλξεις, φρουρὸς τῆς Δικαιοσύνης καὶ τῆς τάξεως.

Καὶ στὰς λοιπὰς καὶ στὰς ἡμέρας τῶν ἑορτῶν ὁ Στρατὸς παραμένει εἰς τὰς ἐπάλξεις, φρουρὸς τῆς Δικαιοσύνης καὶ τῆς τάξεως.

Καὶ στὰς λοιπὰς καὶ στὰς ἡμέρας τῶν ἑορτῶν ὁ Στρατὸς παραμένει εἰς τὰς ἐπάλξεις, φρουρὸς τῆς Δικαιοσύνης καὶ τῆς τάξεως.

Καὶ στὰς λοιπὰς καὶ στὰς ἡμέρας τῶν ἑορτῶν ὁ Στρατὸς παραμένει εἰς τὰς ἐπάλξεις, φρουρὸς τῆς Δικαιοσύνης καὶ τῆς τάξεως.

Καὶ στὰς λοιπὰς καὶ στὰς ἡμέρας τῶν ἑορτῶν ὁ Στρατὸς παραμένει εἰς τὰς ἐπάλξεις, φρουρὸς τῆς Δικαιοσύνης καὶ τῆς τάξεως.

Καὶ στὰς λοιπὰς καὶ στὰς ἡμέρας τῶν ἑορτῶν ὁ Στρατὸς παραμένει εἰς τὰς ἐπάλξεις, φρουρὸς τῆς Δικαιοσύνης καὶ τῆς τάξεως.

Καὶ στὰς λοιπὰς καὶ στὰς ἡμέρας τῶν ἑορτῶν ὁ Στρατὸς παραμένει εἰς τὰς ἐπάλξεις, φρουρὸς τῆς Δικαιοσύνης καὶ τῆς τάξεως.

Καὶ στὰς λοιπὰς καὶ στὰς ἡμέρας τῶν ἑορτῶν ὁ Στρατὸς παραμένει εἰς τὰς ἐπάλξεις, φρουρὸς τῆς Δικαιοσύνης καὶ τῆς τάξεως.

Καὶ στὰς λοιπὰς καὶ στὰς ἡμέρας τῶν ἑορτῶν ὁ Στρατὸς παραμένει εἰς τὰς ἐπάλξεις, φρουρὸς τῆς Δικαιοσύνης καὶ τῆς τάξεως.

Καὶ στὰς λοιπὰς καὶ στὰς ἡμέρας τῶν ἑορτῶν ὁ Στρατὸς παραμένει εἰς τὰς ἐπάλξεις, φρουρὸς τῆς Δικαιοσύνης καὶ τῆς τάξεως.

Καὶ στὰς λοιπὰς καὶ στὰς ἡμέρας τῶν ἑορτῶν ὁ Στρατὸς παραμένει εἰς τὰς ἐπάλξεις, φρουρὸς τῆς Δικαιοσύνης καὶ τῆς τάξεως.

Καὶ στὰς λοιπὰς καὶ στὰς ἡμέρας τῶν ἑορτῶν ὁ Στρατὸς παραμένει εἰς τὰς ἐπάλξεις, φρουρὸς τῆς Δικαιοσύνης καὶ τῆς τάξεως.

Καὶ στὰς λοιπὰς καὶ στὰς ἡμέρας τῶν ἑορτῶν ὁ Στρατὸς παραμένει εἰς τὰς ἐπάλξεις, φρουρὸς τῆς Δικαιοσύνης καὶ τῆς τάξεως.

Καὶ στὰς λοιπὰς καὶ στὰς ἡμέρας τῶν ἑορτῶν ὁ Στρατὸς παραμένει εἰς τὰς ἐπάλξεις, φρουρὸς τῆς Δικαιοσύνης καὶ τῆς τάξεως.

Καὶ στὰς λοιπὰς καὶ στὰς ἡμέρας τῶν ἑορτῶν ὁ Στρατὸς παραμένει εἰς τὰς ἐπάλξεις, φρουρὸς τῆς Δικαιοσύνης καὶ τῆς τάξεως.

Ο ΣΥΝΕΡΓΑΤΗΣ Α. Δ. Π.
Ο ΤΣΑΓΚΑΡΙΑΚΙΑ ΕΙΣ ΤΗΝ ΣΟΦΙΑΝ

ΟΥΤΡΕΧΤΗ, 27. (Ρόυτερ).— Ἡ πριγκήπισσα Βεατρίκη, διάδοχος τοῦ θρόνου τῶν Κάτω Χωρῶν, ἔτεκεν ἄρρεν, τὸ ὁποῖον θὰ ἀναβῇ εἰς τὸν θρόνον.

Η κ. ΚΕΝΝΕΝΤΥ ΕΙΣ ΒΡΑΖΙΛΙΑΝ

ΟΥΤΡΕΧΤΗ, 27. (Ρόυτερ).— Ἡ πριγκήπισσα Βεατρίκη, διάδοχος τοῦ θρόνου τῶν Κάτω Χωρῶν, ἔτεκεν ἄρρεν, τὸ ὁποῖον θὰ ἀναβῇ εἰς τὸν θρόνον.

Ο ΠΡΙΓΚΗΨ ΦΙΛΙΠΠΟΣ ΕΙΣ ΑΜΣΤΕΡΝΤΑΜ

ΟΥΤΡΕΧΤΗ, 27. (Ρόυτερ).— Ἡ πριγκήπισσα Βεατρίκη, διάδοχος τοῦ θρόνου τῶν Κάτω Χωρῶν, ἔτεκεν ἄρρεν, τὸ ὁποῖον θὰ ἀναβῇ εἰς τὸν θρόνον.

ΑΝΑΚΟΙΝΩΣΙΣ
ΑΝΩΤΑΤΟΥ ΣΤΡΑΤΙΩΤΙΚΟΥ ΔΙΟΙΚΗΤΟΥ ΘΕΣΣΑΛΟΝΙΚΗΣ

ΟΥΤΡΕΧΤΗ, 27. (Ρόυτερ).— Ἡ πριγκήπισσα Βεατρίκη, διάδοχος τοῦ θρόνου τῶν Κάτω Χωρῶν, ἔτεκεν ἄρρεν, τὸ ὁποῖον θὰ ἀναβῇ εἰς τὸν θρόνον.

Ὁ διοικητὴς τοῦ Γ' Σ. Στρατοῦ
Σελίς 3
Διελευκάνθη τὸ ἔγκλημα τοῦ Βόλου
Συνελήφθησαν τὰ ἀδέλφια καὶ ὁ πατὴρ τοῦ θύματος ὡς δράσται τῆς δολοφονίας
Ο ΑΔΕΛΦΟΣ ΤΗΣ ΜΗΤΡΟΣ ΤΗΣ ΝΕΑΣ
ΤΗΝ ΕΙΧΕ ΚΑΤΑΣΤΗΣΕΙ ΕΓΚΥΟΝ
Μὲ λίθους ἐπολτοποίησαν τὴν κεφαλήν

ΒΟΛΟΣ, 27.— Διελευκάνθη πλήρως τὸ ἐγκλημα εἰς τὸ χωρίον Καλὸν Ἀλώνι, 24 ὥρας μετὰ τὴν ἀνεύρεσιν τοῦ πτώματος τῆς ἀτυχοῦς Χριστίνας Παπαρίζου.

ΒΟΛΟΣ, 27.— Διελευκάνθη πλήρως τὸ ἐγκλημα εἰς τὸ χωρίον Καλὸν Ἀλώνι, 24 ὥρας μετὰ τὴν ἀνεύρεσιν τοῦ πτώματος τῆς ἀτυχοῦς Χριστίνας Παπαρίζου.

ΒΟΛΟΣ, 27.— Διελευκάνθη πλήρως τὸ ἐγκλημα εἰς τὸ χωρίον Καλὸν Ἀλώνι, 24 ὥρας μετὰ τὴν ἀνεύρεσιν τοῦ πτώματος τῆς ἀτυχοῦς Χριστίνας Παπαρίζου.

ΑΓΡΙΟΣ ΞΥΛΟΔΑΡΜΟΣ

ΒΟΛΟΣ, 27.— Διελευκάνθη πλήρως τὸ ἐγκλημα εἰς τὸ χωρίον Καλὸν Ἀλώνι, 24 ὥρας μετὰ τὴν ἀνεύρεσιν τοῦ πτώματος τῆς ἀτυχοῦς Χριστίνας Παπαρίζου.

ΒΟΛΟΣ, 27.— Διελευκάνθη πλήρως τὸ ἐγκλημα εἰς τὸ χωρίον Καλὸν Ἀλώνι, 24 ὥρας μετὰ τὴν ἀνεύρεσιν τοῦ πτώματος τῆς ἀτυχοῦς Χριστίνας Παπαρίζου.

ΚΑΙ Ο ΠΑΤΕΡΑΣ

ΒΟΛΟΣ, 27.— Διελευκάνθη πλήρως τὸ ἐγκλημα εἰς τὸ χωρίον Καλὸν Ἀλώνι, 24 ὥρας μετὰ τὴν ἀνεύρεσιν τοῦ πτώματος τῆς ἀτυχοῦς Χριστίνας Παπαρίζου.

ΒΟΛΟΣ, 27.— Διελευκάνθη πλήρως τὸ ἐγκλημα εἰς τὸ χωρίον Καλὸν Ἀλώνι, 24 ὥρας μετὰ τὴν ἀνεύρεσιν τοῦ πτώματος τῆς ἀτυχοῦς Χριστίνας Παπαρίζου.

ΒΟΛΟΣ, 27.— Διελευκάνθη πλήρως τὸ ἐγκλημα εἰς τὸ χωρίον Καλὸν Ἀλώνι, 24 ὥρας μετὰ τὴν ἀνεύρεσιν τοῦ πτώματος τῆς ἀτυχοῦς Χριστίνας Παπαρίζου.

ΑΙ ΑΝΑΚΡΙΣΕΙΣ

ΒΟΛΟΣ, 27.— Διελευκάνθη πλήρως τὸ ἐγκλημα εἰς τὸ χωρίον Καλὸν Ἀλώνι, 24 ὥρας μετὰ τὴν ἀνεύρεσιν τοῦ πτώματος τῆς ἀτυχοῦς Χριστίνας Παπαρίζου.

Ἀρχῆς γενομένης ἀπὸ τὸ Παρίσι
Τὸ ἄγαλμα τοῦ Τουταγχαμὼν «πρέσβυς» τῆς Αἰγύπτου διὰ προσέλκυσιν τῶν ξένων
Ἡ ἀποστολή του εἰς διαφόρους χώρας δὲν ἀποτελεῖ βεβήλωσιν, ἀλλὰ προσφορὰν γνώσεως

ΠΑΡΙΣΙΟΙ, Ἀπρίλιος. (Ἰδ. ἀνταπ.).— Ἡ ἐκθεσις τοῦ Τουταγχαμὼν εἰς τὸ Παρίσι ἀποτελεῖ γεγονὸς πρώτης τάξεως.

ΠΑΡΙΣΙΟΙ, Ἀπρίλιος. (Ἰδ. ἀνταπ.).— Ἡ ἐκθεσις τοῦ Τουταγχαμὼν εἰς τὸ Παρίσι ἀποτελεῖ γεγονὸς πρώτης τάξεως.

ΠΑΡΙΣΙΟΙ, Ἀπρίλιος. (Ἰδ. ἀνταπ.).— Ἡ ἐκθεσις τοῦ Τουταγχαμὼν εἰς τὸ Παρίσι ἀποτελεῖ γεγονὸς πρώτης τάξεως.

ΜΕΓΑΛΗ ΔΥΝΑΣΤΕΙΑ

ΠΑΡΙΣΙΟΙ, Ἀπρίλιος. (Ἰδ. ἀνταπ.).— Ἡ ἐκθεσις τοῦ Τουταγχαμὼν εἰς τὸ Παρίσι ἀποτελεῖ γεγονὸς πρώτης τάξεως.

ΠΑΡΙΣΙΟΙ, Ἀπρίλιος. (Ἰδ. ἀνταπ.).— Ἡ ἐκθεσις τοῦ Τουταγχαμὼν εἰς τὸ Παρίσι ἀποτελεῖ γεγονὸς πρώτης τάξεως.

ΠΑΡΙΣΙΟΙ, Ἀπρίλιος. (Ἰδ. ἀνταπ.).— Ἡ ἐκθεσις τοῦ Τουταγχαμὼν εἰς τὸ Παρίσι ἀποτελεῖ γεγονὸς πρώτης τάξεως.

ΔΕΝ ΕΙΝΑΙ ΕΜΠΟΡΙΟΝ

ΠΑΡΙΣΙΟΙ, Ἀπρίλιος. (Ἰδ. ἀνταπ.).— Ἡ ἐκθεσις τοῦ Τουταγχαμὼν εἰς τὸ Παρίσι ἀποτελεῖ γεγονὸς πρώτης τάξεως.

ΠΑΡΙΣΙΟΙ, Ἀπρίλιος. (Ἰδ. ἀνταπ.).— Ἡ ἐκθεσις τοῦ Τουταγχαμὼν εἰς τὸ Παρίσι ἀποτελεῖ γεγονὸς πρώτης τάξεως.

ΠΑΡΙΣΙΟΙ, Ἀπρίλιος. (Ἰδ. ἀνταπ.).— Ἡ ἐκθεσις τοῦ Τουταγχαμὼν εἰς τὸ Παρίσι ἀποτελεῖ γεγονὸς πρώτης τάξεως.

Πρὸς χάριν τῶν συνανθρώπων
Μὲ πλήρη αὐταπάρνησιν ἐργάζονται τὰ μέλη τῶν «σωμάτων εἰρήνης»
ΕΙΣ ΤΗΝ ΖΟΥΓΚΛΑΝ ΚΑΙ ΕΙΣ ΧΩΡΑΣ ΜΕ ΑΝΘΥΓΙΕΙΝΟΝ ΚΛΙΜΑ.— ΘΥΣΙΑΖΟΝΤΑΙ ΟΛΑΙ ΑΙ ΑΝΕΣΕΙΣ

ΟΥΑΣΙΓΚΤΩΝ, 27. (Ἰδ. Ὑπηρ.).— Τὰ μέλη τῶν «Σωμάτων Εἰρήνης» ἐργάζονται εἰς τὰ πλέον ἀπομεμακρυσμένα μέρη τοῦ κόσμου.

ΟΥΑΣΙΓΚΤΩΝ, 27. (Ἰδ. Ὑπηρ.).— Τὰ μέλη τῶν «Σωμάτων Εἰρήνης» ἐργάζονται εἰς τὰ πλέον ἀπομεμακρυσμένα μέρη τοῦ κόσμου.

ΠΟΛΛΟΙ ΕΙΔΙΚΟΙ

ΟΥΑΣΙΓΚΤΩΝ, 27. (Ἰδ. Ὑπηρ.).— Τὰ μέλη τῶν «Σωμάτων Εἰρήνης» ἐργάζονται εἰς τὰ πλέον ἀπομεμακρυσμένα μέρη τοῦ κόσμου.

ΟΥΑΣΙΓΚΤΩΝ, 27. (Ἰδ. Ὑπηρ.).— Τὰ μέλη τῶν «Σωμάτων Εἰρήνης» ἐργάζονται εἰς τὰ πλέον ἀπομεμακρυσμένα μέρη τοῦ κόσμου.

ΟΥΑΣΙΓΚΤΩΝ, 27. (Ἰδ. Ὑπηρ.).— Τὰ μέλη τῶν «Σωμάτων Εἰρήνης» ἐργάζονται εἰς τὰ πλέον ἀπομεμακρυσμένα μέρη τοῦ κόσμου.

ΟΥΑΣΙΓΚΤΩΝ, 27. (Ἰδ. Ὑπηρ.).— Τὰ μέλη τῶν «Σωμάτων Εἰρήνης» ἐργάζονται εἰς τὰ πλέον ἀπομεμακρυσμένα μέρη τοῦ κόσμου.

ΟΥΑΣΙΓΚΤΩΝ, 27. (Ἰδ. Ὑπηρ.).— Τὰ μέλη τῶν «Σωμάτων Εἰρήνης» ἐργάζονται εἰς τὰ πλέον ἀπομεμακρυσμένα μέρη τοῦ κόσμου.

ΟΥΑΣΙΓΚΤΩΝ, 27. (Ἰδ. Ὑπηρ.).— Τὰ μέλη τῶν «Σωμάτων Εἰρήνης» ἐργάζονται εἰς τὰ πλέον ἀπομεμακρυσμένα μέρη τοῦ κόσμου.

ΜΕ ΚΙΝΔΥΝΟΝ

ΟΥΑΣΙΓΚΤΩΝ, 27. (Ἰδ. Ὑπηρ.).— Τὰ μέλη τῶν «Σωμάτων Εἰρήνης» ἐργάζονται εἰς τὰ πλέον ἀπομεμακρυσμένα μέρη τοῦ κόσμου.

ΟΥΑΣΙΓΚΤΩΝ, 27. (Ἰδ. Ὑπηρ.).— Τὰ μέλη τῶν «Σωμάτων Εἰρήνης» ἐργάζονται εἰς τὰ πλέον ἀπομεμακρυσμένα μέρη τοῦ κόσμου.

ΟΥΑΣΙΓΚΤΩΝ, 27. (Ἰδ. Ὑπηρ.).— Τὰ μέλη τῶν «Σωμάτων Εἰρήνης» ἐργάζονται εἰς τὰ πλέον ἀπομεμακρυσμένα μέρη τοῦ κόσμου.

ΗΡΧΙΣΕ ΤΟ ΦΕΣΤΙΒΑΛ ΚΙΝΗΜΑΤΟΓΡΑΦΟΥ

ΚΑΝΝΑΙ, 27. (Ρόυτερ).— Ὁ Γάλλος σκηνοθέτης Ζὰν Γκαμπὲν ἐκήρυξε τὴν ἔναρξιν τοῦ φεστιβὰλ κινηματογράφου.

ΚΑΝΝΑΙ, 27. (Ρόυτερ).— Ὁ Γάλλος σκηνοθέτης Ζὰν Γκαμπὲν ἐκήρυξε τὴν ἔναρξιν τοῦ φεστιβὰλ κινηματογράφου.
